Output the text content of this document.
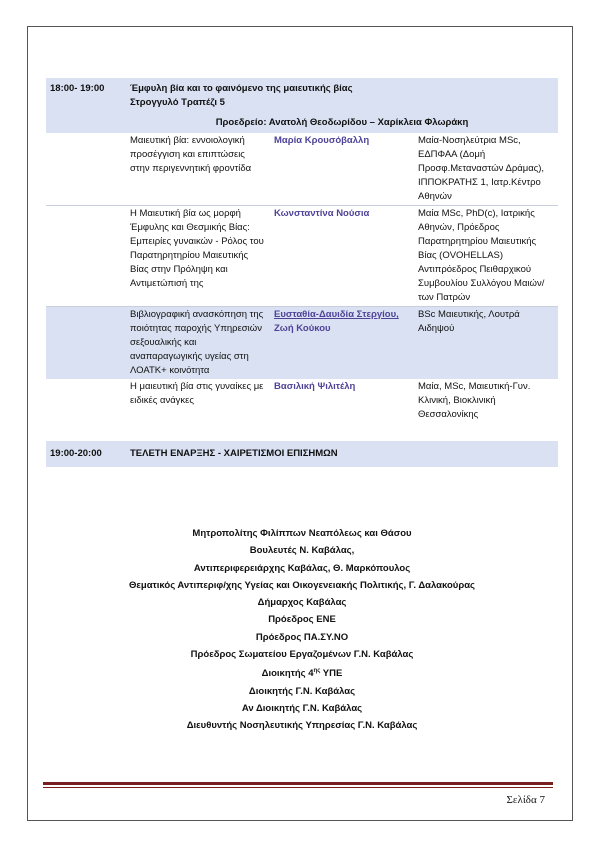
18:00- 19:00	Έμφυλη βία και το φαινόμενο της μαιευτικής βίας
Στρογγυλό Τραπέζι 5		

	Προεδρείο: Ανατολή Θεοδωρίδου – Χαρίκλεια Φλωράκη		
	Μαιευτική βία: εννοιολογική προσέγγιση και επιπτώσεις στην περιγεννητική φροντίδα	Μαρία Κρουσόβαλλη	Μαία-Νοσηλεύτρια MSc, ΕΔΠΦΑΑ (Δομή Προσφ.Μεταναστών Δράμας), ΙΠΠΟΚΡΑΤΗΣ 1, Ιατρ.Κέντρο Αθηνών
	Η Μαιευτική βία ως μορφή Έμφυλης και Θεσμικής Βίας: Εμπειρίες γυναικών - Ρόλος του Παρατηρητηρίου Μαιευτικής Βίας στην Πρόληψη και Αντιμετώπισή της	Κωνσταντίνα Νούσια	Μαία MSc, PhD(c), Ιατρικής Αθηνών, Πρόεδρος Παρατηρητηρίου Μαιευτικής Βίας (OVOHELLAS) Αντιπρόεδρος Πειθαρχικού Συμβουλίου Συλλόγου Μαιών/των Πατρών
	Βιβλιογραφική ανασκόπηση της ποιότητας παροχής Υπηρεσιών σεξουαλικής και αναπαραγωγικής υγείας στη ΛΟΑΤΚ+ κοινότητα	Ευσταθία-Δαυιδία Στεργίου,
Ζωή Κούκου	BSc Μαιευτικής, Λουτρά Αιδηψού
	Η μαιευτική βία στις γυναίκες με ειδικές ανάγκες	Βασιλική Ψιλιτέλη	Μαία, MSc, Μαιευτική-Γυν. Κλινική, Βιοκλινική Θεσσαλονίκης

19:00-20:00	ΤΕΛΕΤΗ ΕΝΑΡΞΗΣ - ΧΑΙΡΕΤΙΣΜΟΙ ΕΠΙΣΗΜΩΝ		
Μητροπολίτης Φιλίππων Νεαπόλεως και Θάσου
Βουλευτές Ν. Καβάλας,
Αντιπεριφερειάρχης Καβάλας, Θ. Μαρκόπουλος
Θεματικός Αντιπεριφ/χης Υγείας και Οικογενειακής Πολιτικής, Γ. Δαλακούρας
Δήμαρχος Καβάλας
Πρόεδρος ΕΝΕ
Πρόεδρος ΠΑ.ΣΥ.ΝΟ
Πρόεδρος Σωματείου Εργαζομένων Γ.Ν. Καβάλας
Διοικητής $4^{\eta\varsigma}$ ΥΠΕ
Διοικητής Γ.Ν. Καβάλας
Αν Διοικητής Γ.Ν. Καβάλας
Διευθυντής Νοσηλευτικής Υπηρεσίας Γ.Ν. Καβάλας
Σελίδα 7
